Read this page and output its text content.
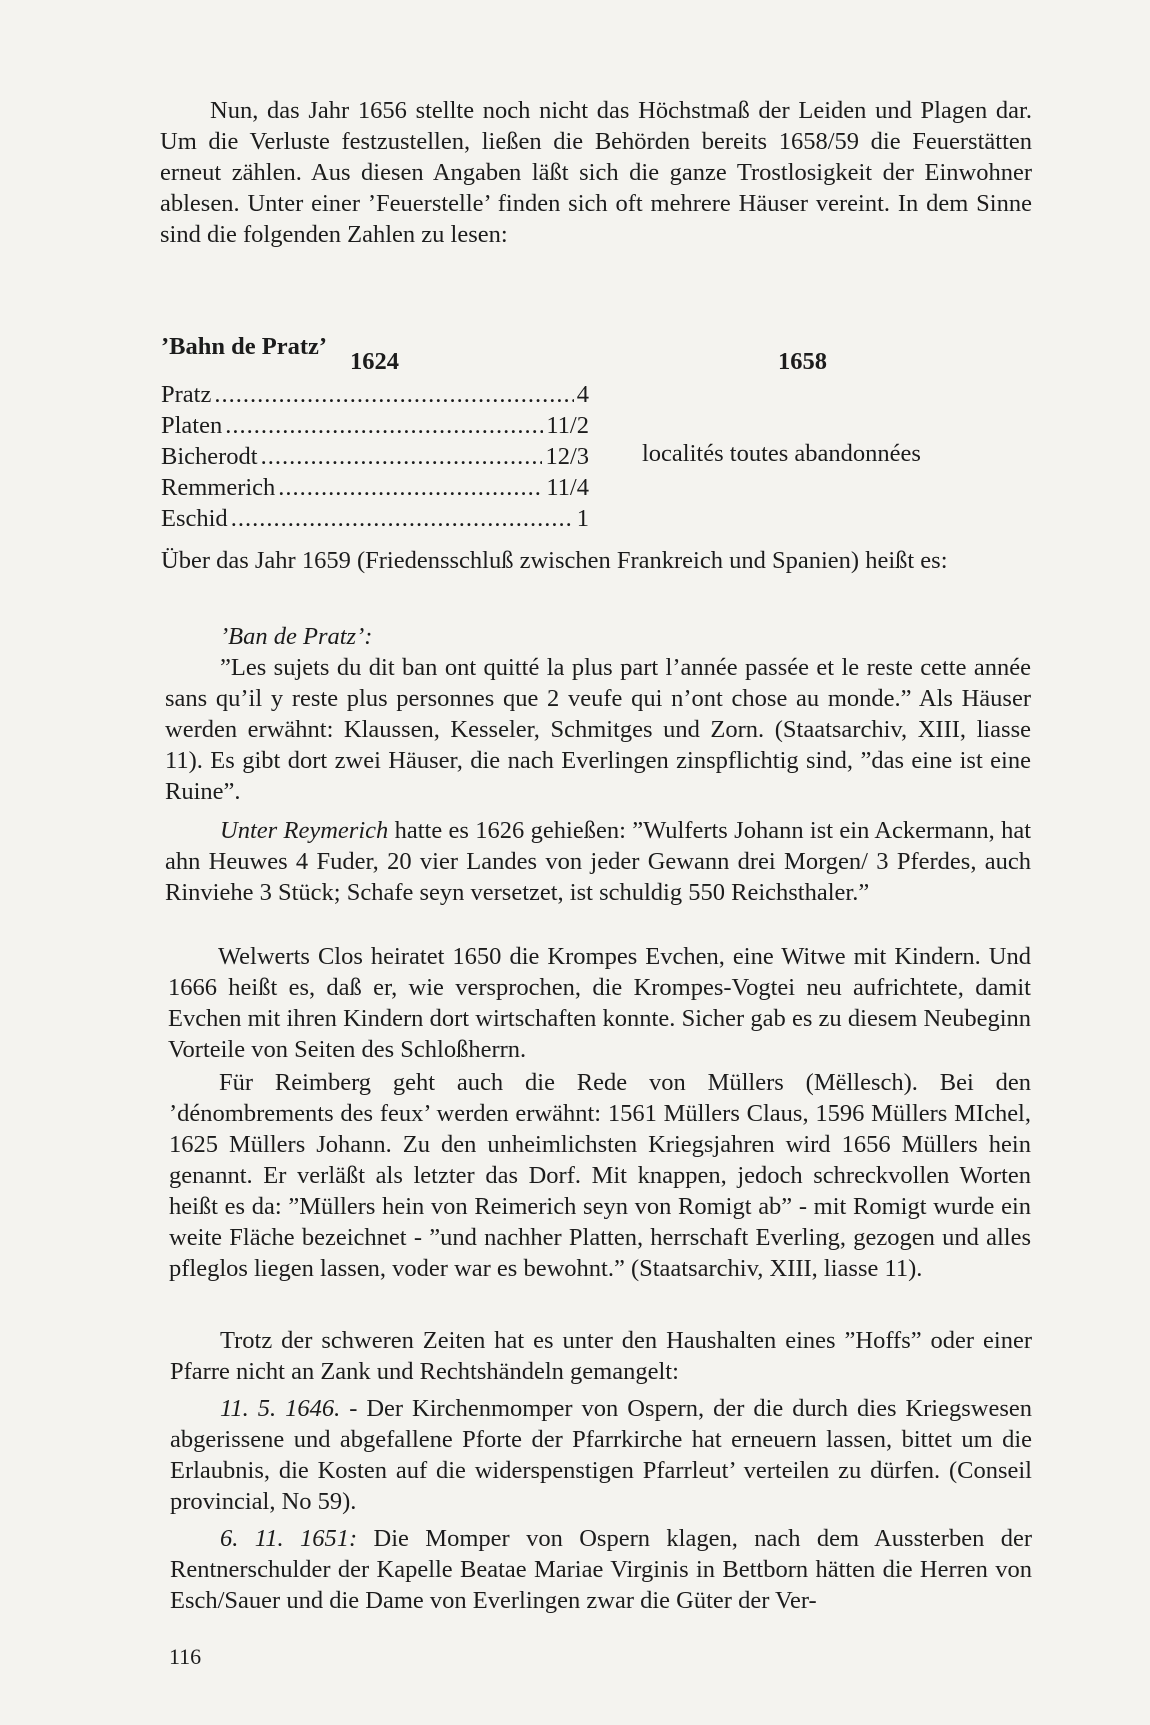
Nun, das Jahr 1656 stellte noch nicht das Höchstmaß der Leiden und Plagen dar. Um die Verluste festzustellen, ließen die Behörden bereits 1658/59 die Feuerstätten erneut zählen. Aus diesen Angaben läßt sich die ganze Trostlosigkeit der Einwohner ablesen. Unter einer ’Feuerstelle’ finden sich oft mehrere Häuser vereint. In dem Sinne sind die folgenden Zahlen zu lesen:

’Bahn de Pratz’
1624	1658
Pratz .....	4
Platen .....	11/2
Bicherodt .....	12/3
Remmerich .....	11/4
Eschid .....	1
localités toutes abandonnées

Über das Jahr 1659 (Friedensschluß zwischen Frankreich und Spanien) heißt es:

’Ban de Pratz’:

”Les sujets du dit ban ont quitté la plus part l’année passée et le reste cette année sans qu’il y reste plus personnes que 2 veufe qui n’ont chose au monde.” Als Häuser werden erwähnt: Klaussen, Kesseler, Schmitges und Zorn. (Staatsarchiv, XIII, liasse 11). Es gibt dort zwei Häuser, die nach Everlingen zinspflichtig sind, ”das eine ist eine Ruine”.

Unter Reymerich hatte es 1626 gehießen: ”Wulferts Johann ist ein Ackermann, hat ahn Heuwes 4 Fuder, 20 vier Landes von jeder Gewann drei Morgen/ 3 Pferdes, auch Rinviehe 3 Stück; Schafe seyn versetzet, ist schuldig 550 Reichsthaler.”

Welwerts Clos heiratet 1650 die Krompes Evchen, eine Witwe mit Kindern. Und 1666 heißt es, daß er, wie versprochen, die Krompes-Vogtei neu aufrichtete, damit Evchen mit ihren Kindern dort wirtschaften konnte. Sicher gab es zu diesem Neubeginn Vorteile von Seiten des Schloßherrn.

Für Reimberg geht auch die Rede von Müllers (Mëllesch). Bei den ’dénombrements des feux’ werden erwähnt: 1561 Müllers Claus, 1596 Müllers MIchel, 1625 Müllers Johann. Zu den unheimlichsten Kriegsjahren wird 1656 Müllers hein genannt. Er verläßt als letzter das Dorf. Mit knappen, jedoch schreckvollen Worten heißt es da: ”Müllers hein von Reimerich seyn von Romigt ab” - mit Romigt wurde ein weite Fläche bezeichnet - ”und nachher Platten, herrschaft Everling, gezogen und alles pfleglos liegen lassen, voder war es bewohnt.” (Staatsarchiv, XIII, liasse 11).

Trotz der schweren Zeiten hat es unter den Haushalten eines ”Hoffs” oder einer Pfarre nicht an Zank und Rechtshändeln gemangelt:

11. 5. 1646. - Der Kirchenmomper von Ospern, der die durch dies Kriegswesen abgerissene und abgefallene Pforte der Pfarrkirche hat erneuern lassen, bittet um die Erlaubnis, die Kosten auf die widerspenstigen Pfarrleut’ verteilen zu dürfen. (Conseil provincial, No 59).

6. 11. 1651: Die Momper von Ospern klagen, nach dem Aussterben der Rentnerschulder der Kapelle Beatae Mariae Virginis in Bettborn hätten die Herren von Esch/Sauer und die Dame von Everlingen zwar die Güter der Ver-

116
